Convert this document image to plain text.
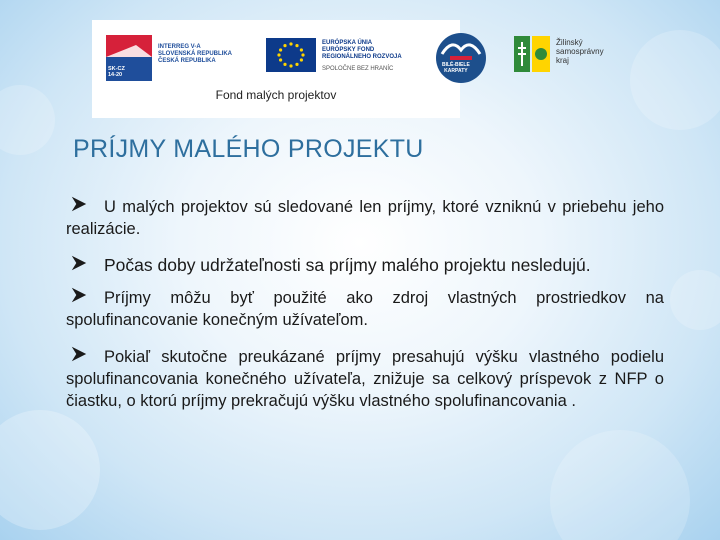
SK-CZ
14-20
INTERREG V-A
SLOVENSKÁ REPUBLIKA
ČESKÁ REPUBLIKA
EURÓPSKA ÚNIA
EURÓPSKY FOND
REGIONÁLNEHO ROZVOJA
SPOLOČNE BEZ HRANÍC
BILÉ-BIELE
KARPATY
Fond malých projektov
Žilinský
samosprávny
kraj
PRÍJMY MALÉHO PROJEKTU

U malých projektov sú sledované len príjmy, ktoré vzniknú v priebehu jeho realizácie.

Počas doby udržateľnosti sa príjmy malého projektu nesledujú.

Príjmy môžu byť použité ako zdroj vlastných prostriedkov na spolufinancovanie konečným užívateľom.

Pokiaľ skutočne preukázané príjmy presahujú výšku vlastného podielu spolufinancovania konečného užívateľa, znižuje sa celkový príspevok z NFP o čiastku, o ktorú príjmy prekračujú výšku vlastného spolufinancovania .
